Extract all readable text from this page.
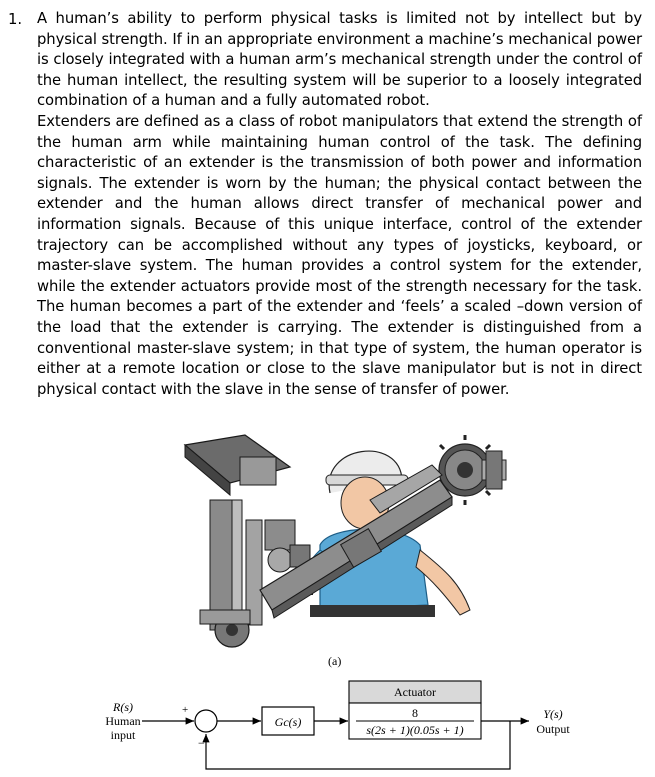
1. A human’s ability to perform physical tasks is limited not by intellect but by physical strength. If in an appropriate environment a machine’s mechanical power is closely integrated with a human arm’s mechanical strength under the control of the human intellect, the resulting system will be superior to a loosely integrated combination of a human and a fully automated robot.

Extenders are defined as a class of robot manipulators that extend the strength of the human arm while maintaining human control of the task. The defining characteristic of an extender is the transmission of both power and information signals. The extender is worn by the human; the physical contact between the extender and the human allows direct transfer of mechanical power and information signals. Because of this unique interface, control of the extender trajectory can be accomplished without any types of joysticks, keyboard, or master-slave system. The human provides a control system for the extender, while the extender actuators provide most of the strength necessary for the task. The human becomes a part of the extender and ‘feels’ a scaled –down version of the load that the extender is carrying. The extender is distinguished from a conventional master-slave system; in that type of system, the human operator is either at a remote location or close to the slave manipulator but is not in direct physical contact with the slave in the sense of transfer of power.

(a)
R(s)
Human
input
+
−
Gc(s)
Actuator
8
s(2s + 1)(0.05s + 1)
Y(s)
Output
